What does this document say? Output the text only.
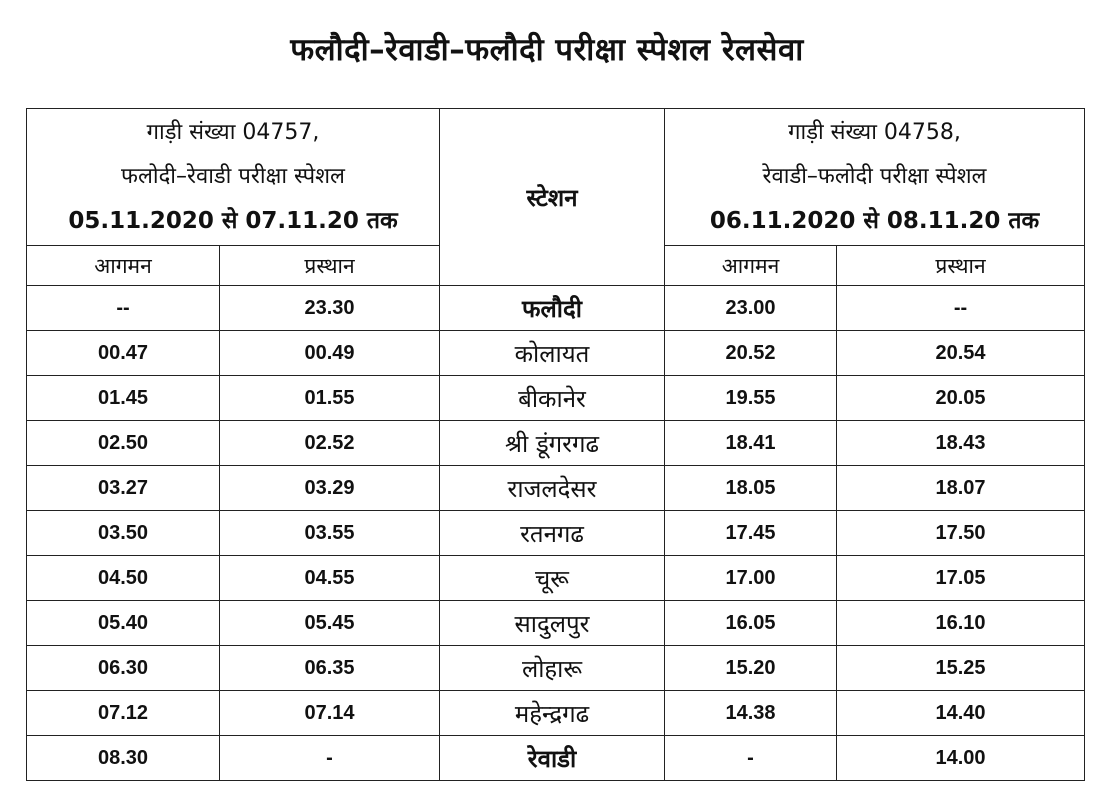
फलौदी–रेवाडी–फलौदी परीक्षा स्पेशल रेलसेवा
गाड़ी संख्या 04757,
फलोदी–रेवाडी परीक्षा स्पेशल
05.11.2020 से 07.11.20 तक		स्टेशन	गाड़ी संख्या 04758,
रेवाडी–फलोदी परीक्षा स्पेशल
06.11.2020 से 08.11.20 तक	

आगमन	प्रस्थान		आगमन	प्रस्थान
--	23.30	फलौदी	23.00	--
00.47	00.49	कोलायत	20.52	20.54
01.45	01.55	बीकानेर	19.55	20.05
02.50	02.52	श्री डूंगरगढ	18.41	18.43
03.27	03.29	राजलदेसर	18.05	18.07
03.50	03.55	रतनगढ	17.45	17.50
04.50	04.55	चूरू	17.00	17.05
05.40	05.45	सादुलपुर	16.05	16.10
06.30	06.35	लोहारू	15.20	15.25
07.12	07.14	महेन्द्रगढ	14.38	14.40
08.30	-	रेवाडी	-	14.00
